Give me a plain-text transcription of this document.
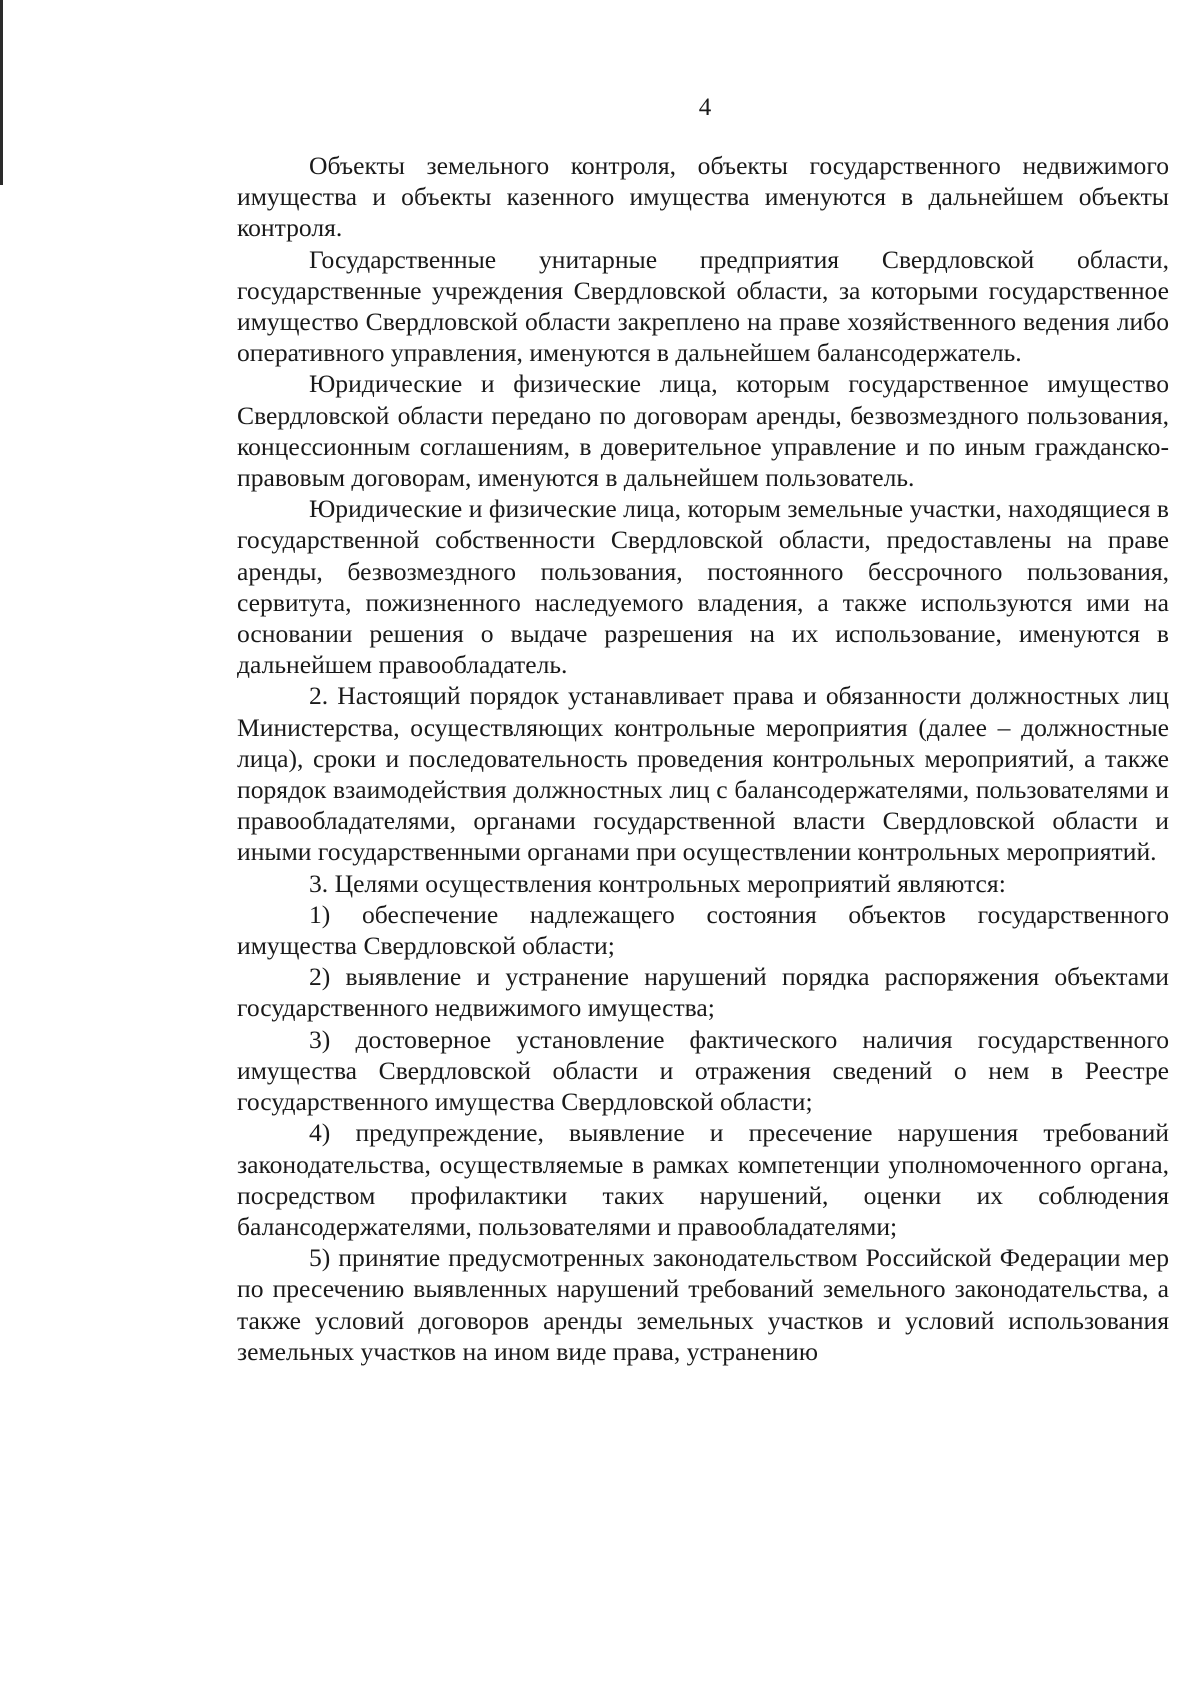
4

Объекты земельного контроля, объекты государственного недвижимого имущества и объекты казенного имущества именуются в дальнейшем объекты контроля.

Государственные унитарные предприятия Свердловской области, государственные учреждения Свердловской области, за которыми государственное имущество Свердловской области закреплено на праве хозяйственного ведения либо оперативного управления, именуются в дальнейшем балансодержатель.

Юридические и физические лица, которым государственное имущество Свердловской области передано по договорам аренды, безвозмездного пользования, концессионным соглашениям, в доверительное управление и по иным гражданско-правовым договорам, именуются в дальнейшем пользователь.

Юридические и физические лица, которым земельные участки, находящиеся в государственной собственности Свердловской области, предоставлены на праве аренды, безвозмездного пользования, постоянного бессрочного пользования, сервитута, пожизненного наследуемого владения, а также используются ими на основании решения о выдаче разрешения на их использование, именуются в дальнейшем правообладатель.

2. Настоящий порядок устанавливает права и обязанности должностных лиц Министерства, осуществляющих контрольные мероприятия (далее – должностные лица), сроки и последовательность проведения контрольных мероприятий, а также порядок взаимодействия должностных лиц с балансодержателями, пользователями и правообладателями, органами государственной власти Свердловской области и иными государственными органами при осуществлении контрольных мероприятий.

3. Целями осуществления контрольных мероприятий являются:

1) обеспечение надлежащего состояния объектов государственного имущества Свердловской области;

2) выявление и устранение нарушений порядка распоряжения объектами государственного недвижимого имущества;

3) достоверное установление фактического наличия государственного имущества Свердловской области и отражения сведений о нем в Реестре государственного имущества Свердловской области;

4) предупреждение, выявление и пресечение нарушения требований законодательства, осуществляемые в рамках компетенции уполномоченного органа, посредством профилактики таких нарушений, оценки их соблюдения балансодержателями, пользователями и правообладателями;

5) принятие предусмотренных законодательством Российской Федерации мер по пресечению выявленных нарушений требований земельного законодательства, а также условий договоров аренды земельных участков и условий использования земельных участков на ином виде права, устранению
